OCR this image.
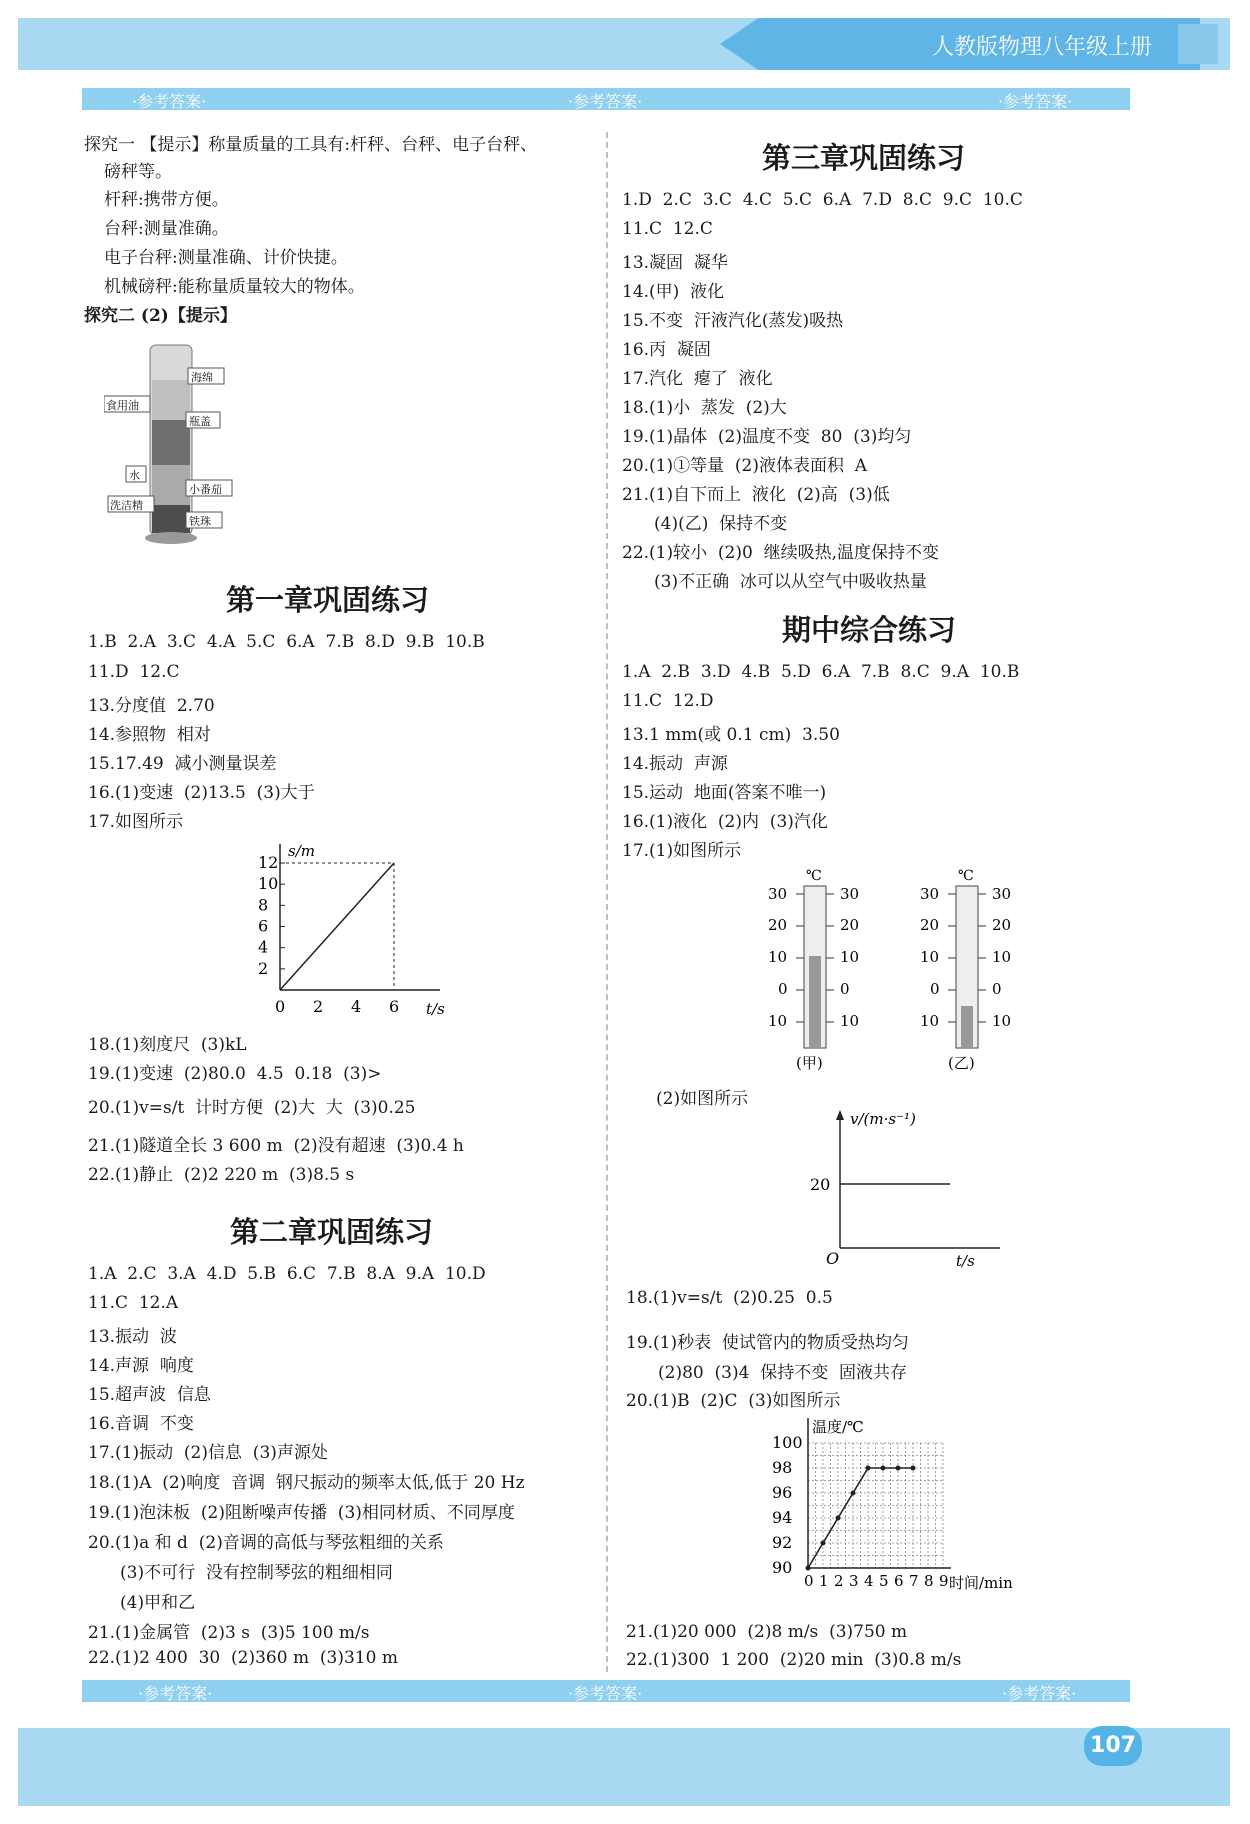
人教版物理八年级上册
·参考答案·	·参考答案·	·参考答案·
探究一 【提示】称量质量的工具有:杆秤、台秤、电子台秤、
磅秤等。
杆秤:携带方便。
台秤:测量准确。
电子台秤:测量准确、计价快捷。
机械磅秤:能称量质量较大的物体。
探究二 (2)【提示】
海绵
食用油
瓶盖
水
小番茄
洗洁精
铁珠
第一章巩固练习
1.B  2.A  3.C  4.A  5.C  6.A  7.B  8.D  9.B  10.B
11.D  12.C
13.分度值  2.70
14.参照物  相对
15.17.49  减小测量误差
16.(1)变速  (2)13.5  (3)大于
17.如图所示
s/m
t/s
2
4
6
8
10
12
0 2 4 6
18.(1)刻度尺  (3)kL
19.(1)变速  (2)80.0  4.5  0.18  (3)>
20.(1)v=s/t  计时方便  (2)大  大  (3)0.25
21.(1)隧道全长 3 600 m  (2)没有超速  (3)0.4 h
22.(1)静止  (2)2 220 m  (3)8.5 s
第二章巩固练习
1.A  2.C  3.A  4.D  5.B  6.C  7.B  8.A  9.A  10.D
11.C  12.A
13.振动  波
14.声源  响度
15.超声波  信息
16.音调  不变
17.(1)振动  (2)信息  (3)声源处
18.(1)A  (2)响度  音调  钢尺振动的频率太低,低于 20 Hz
19.(1)泡沫板  (2)阻断噪声传播  (3)相同材质、不同厚度
20.(1)a 和 d  (2)音调的高低与琴弦粗细的关系
(3)不可行  没有控制琴弦的粗细相同
(4)甲和乙
21.(1)金属管  (2)3 s  (3)5 100 m/s
22.(1)2 400  30  (2)360 m  (3)310 m
第三章巩固练习
1.D  2.C  3.C  4.C  5.C  6.A  7.D  8.C  9.C  10.C
11.C  12.C
13.凝固  凝华
14.(甲)  液化
15.不变  汗液汽化(蒸发)吸热
16.丙  凝固
17.汽化  瘪了  液化
18.(1)小  蒸发  (2)大
19.(1)晶体  (2)温度不变  80  (3)均匀
20.(1)①等量  (2)液体表面积  A
21.(1)自下而上  液化  (2)高  (3)低
(4)(乙)  保持不变
22.(1)较小  (2)0  继续吸热,温度保持不变
(3)不正确  冰可以从空气中吸收热量
期中综合练习
1.A  2.B  3.D  4.B  5.D  6.A  7.B  8.C  9.A  10.B
11.C  12.D
13.1 mm(或 0.1 cm)  3.50
14.振动  声源
15.运动  地面(答案不唯一)
16.(1)液化  (2)内  (3)汽化
17.(1)如图所示
℃
30	30
20	20
10	10
0	0
10	10
(甲)
℃
30	30
20	20
10	10
0	0
10	10
(乙)
(2)如图所示
v/(m·s⁻¹)
20
O	t/s
18.(1)v=s/t  (2)0.25  0.5
19.(1)秒表  使试管内的物质受热均匀
(2)80  (3)4  保持不变  固液共存
20.(1)B  (2)C  (3)如图所示
温度/℃
时间/min
90
92
94
96
98
100
0 1 2 3 4 5 6 7 8 9
21.(1)20 000  (2)8 m/s  (3)750 m
22.(1)300  1 200  (2)20 min  (3)0.8 m/s
·参考答案·	·参考答案·	·参考答案·
107
